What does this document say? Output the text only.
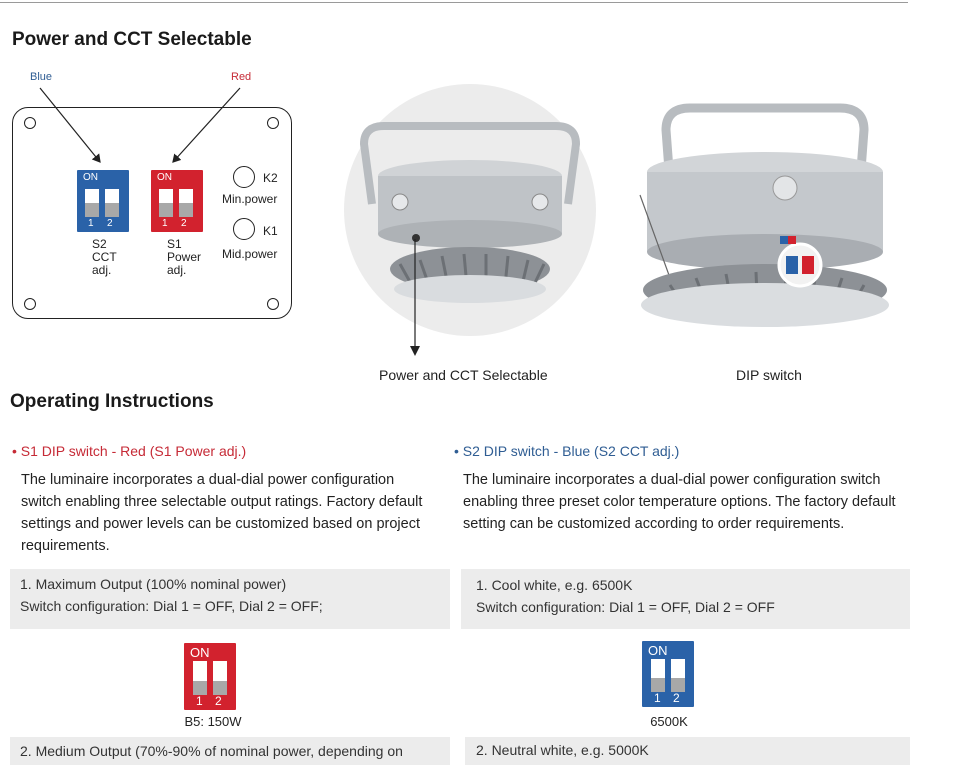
Power and CCT Selectable
Blue	Red
ON
1 2
S2
CCT
adj.
ON
1 2
S1
Power
adj.
K2
Min.power
K1
Mid.power
Power and CCT Selectable	DIP switch
Operating Instructions
• S1 DIP switch - Red (S1 Power adj.)
The luminaire incorporates a dual-dial power configuration
switch enabling three selectable output ratings. Factory default
settings and power levels can be customized based on project
requirements.
1. Maximum Output (100% nominal power)
Switch configuration: Dial 1 = OFF, Dial 2 = OFF;
ON
1 2
B5: 150W
2. Medium Output (70%-90% of nominal power, depending on
• S2 DIP switch - Blue (S2 CCT adj.)
The luminaire incorporates a dual-dial power configuration switch
enabling three preset color temperature options. The factory default
setting can be customized according to order requirements.
1. Cool white, e.g. 6500K
Switch configuration: Dial 1 = OFF, Dial 2 = OFF
ON
1 2
6500K
2. Neutral white, e.g. 5000K
